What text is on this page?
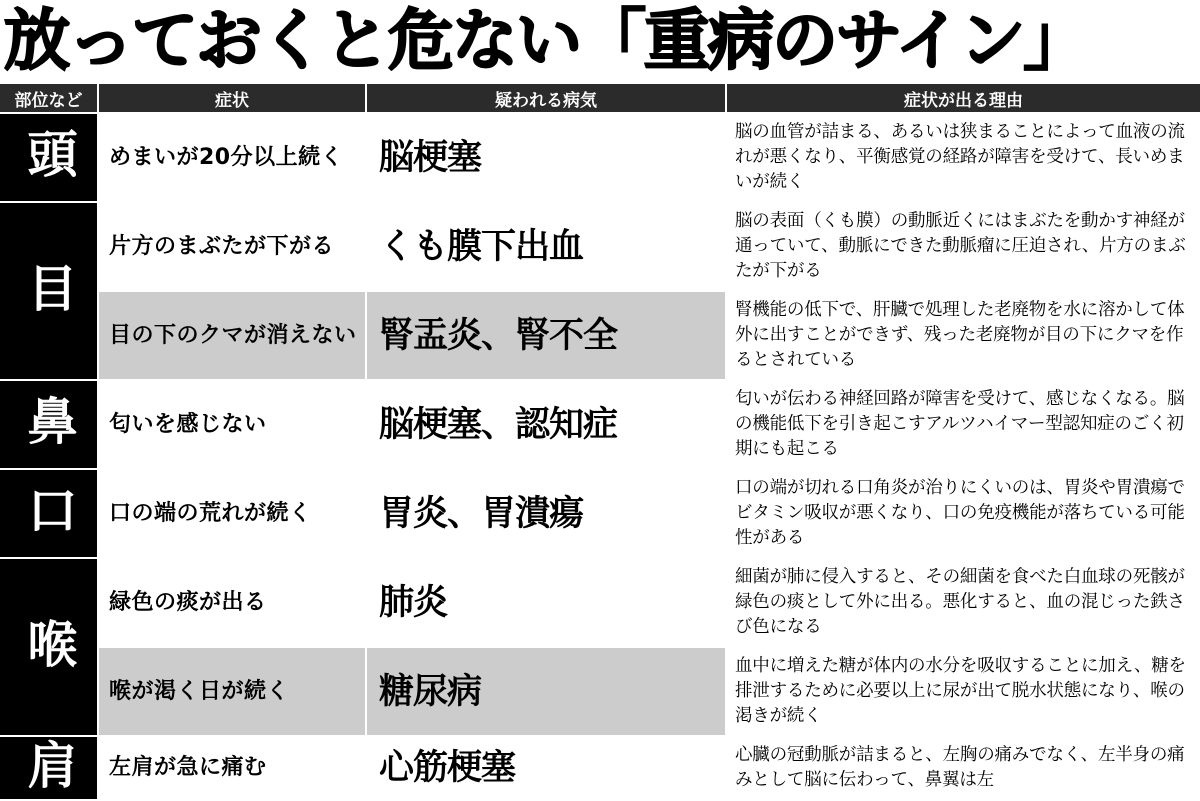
放っておくと危ない「重病のサイン」
部位など	症状	疑われる病気	症状が出る理由
頭	めまいが20分以上続く	脳梗塞	脳の血管が詰まる、あるいは狭まることによって血液の流れが悪くなり、平衡感覚の経路が障害を受けて、長いめまいが続く
目	片方のまぶたが下がる	くも膜下出血	脳の表面（くも膜）の動脈近くにはまぶたを動かす神経が通っていて、動脈にできた動脈瘤に圧迫され、片方のまぶたが下がる
	目の下のクマが消えない	腎盂炎、腎不全	腎機能の低下で、肝臓で処理した老廃物を水に溶かして体外に出すことができず、残った老廃物が目の下にクマを作るとされている
鼻	匂いを感じない	脳梗塞、認知症	匂いが伝わる神経回路が障害を受けて、感じなくなる。脳の機能低下を引き起こすアルツハイマー型認知症のごく初期にも起こる
口	口の端の荒れが続く	胃炎、胃潰瘍	口の端が切れる口角炎が治りにくいのは、胃炎や胃潰瘍でビタミン吸収が悪くなり、口の免疫機能が落ちている可能性がある
喉	緑色の痰が出る	肺炎	細菌が肺に侵入すると、その細菌を食べた白血球の死骸が緑色の痰として外に出る。悪化すると、血の混じった鉄さび色になる
	喉が渇く日が続く	糖尿病	血中に増えた糖が体内の水分を吸収することに加え、糖を排泄するために必要以上に尿が出て脱水状態になり、喉の渇きが続く
肩	左肩が急に痛む	心筋梗塞	心臓の冠動脈が詰まると、左胸の痛みでなく、左半身の痛みとして脳に伝わって、鼻翼は左
